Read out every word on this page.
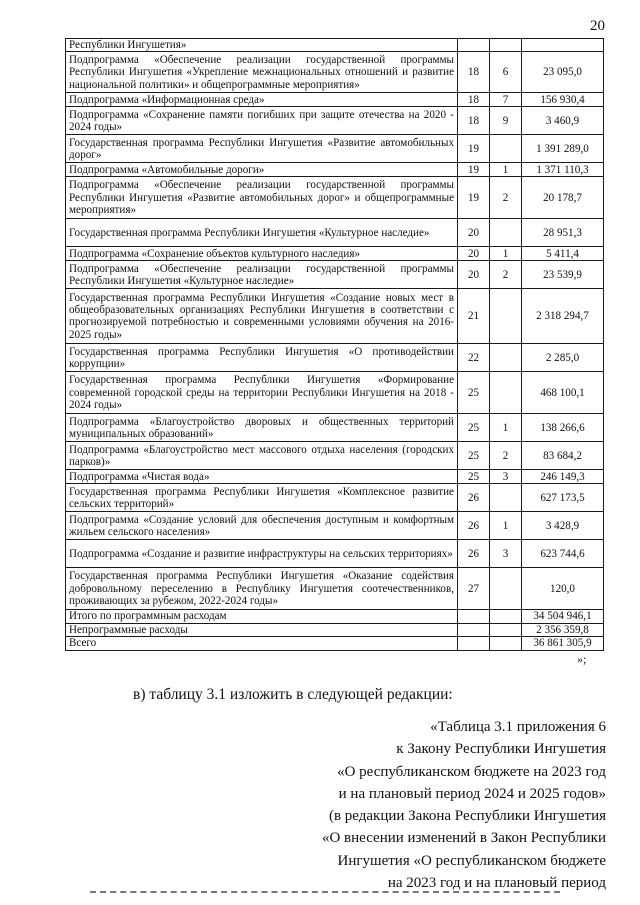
20
Республики Ингушетия»			
Подпрограмма «Обеспечение реализации государственной программы Республики Ингушетия «Укрепление межнациональных отношений и развитие национальной политики» и общепрограммные мероприятия»	18	6	23 095,0
Подпрограмма «Информационная среда»	18	7	156 930,4
Подпрограмма «Сохранение памяти погибших при защите отечества на 2020 - 2024 годы»	18	9	3 460,9
Государственная программа Республики Ингушетия «Развитие автомобильных дорог»	19		1 391 289,0
Подпрограмма «Автомобильные дороги»	19	1	1 371 110,3
Подпрограмма «Обеспечение реализации государственной программы Республики Ингушетия «Развитие автомобильных дорог» и общепрограммные мероприятия»	19	2	20 178,7
Государственная программа Республики Ингушетия «Культурное наследие»	20		28 951,3
Подпрограмма «Сохранение объектов культурного наследия»	20	1	5 411,4
Подпрограмма «Обеспечение реализации государственной программы Республики Ингушетия «Культурное наследие»	20	2	23 539,9
Государственная программа Республики Ингушетия «Создание новых мест в общеобразовательных организациях Республики Ингушетия в соответствии с прогнозируемой потребностью и современными условиями обучения на 2016-2025 годы»	21		2 318 294,7
Государственная программа Республики Ингушетия «О противодействии коррупции»	22		2 285,0
Государственная программа Республики Ингушетия «Формирование современной городской среды на территории Республики Ингушетия на 2018 - 2024 годы»	25		468 100,1
Подпрограмма «Благоустройство дворовых и общественных территорий муниципальных образований»	25	1	138 266,6
Подпрограмма «Благоустройство мест массового отдыха населения (городских парков)»	25	2	83 684,2
Подпрограмма «Чистая вода»	25	3	246 149,3
Государственная программа Республики Ингушетия «Комплексное развитие сельских территорий»	26		627 173,5
Подпрограмма «Создание условий для обеспечения доступным и комфортным жильем сельского населения»	26	1	3 428,9
Подпрограмма «Создание и развитие инфраструктуры на сельских территориях»	26	3	623 744,6
Государственная программа Республики Ингушетия «Оказание содействия добровольному переселению в Республику Ингушетия соотечественников, проживающих за рубежом, 2022-2024 годы»	27		120,0
Итого по программным расходам			34 504 946,1
Непрограммные расходы			2 356 359,8
Всего			36 861 305,9
»;
в) таблицу 3.1 изложить в следующей редакции:
«Таблица 3.1 приложения 6
к Закону Республики Ингушетия
«О республиканском бюджете на 2023 год
и на плановый период 2024 и 2025 годов»
(в редакции Закона Республики Ингушетия
«О внесении изменений в Закон Республики
Ингушетия «О республиканском бюджете
на 2023 год и на плановый период
